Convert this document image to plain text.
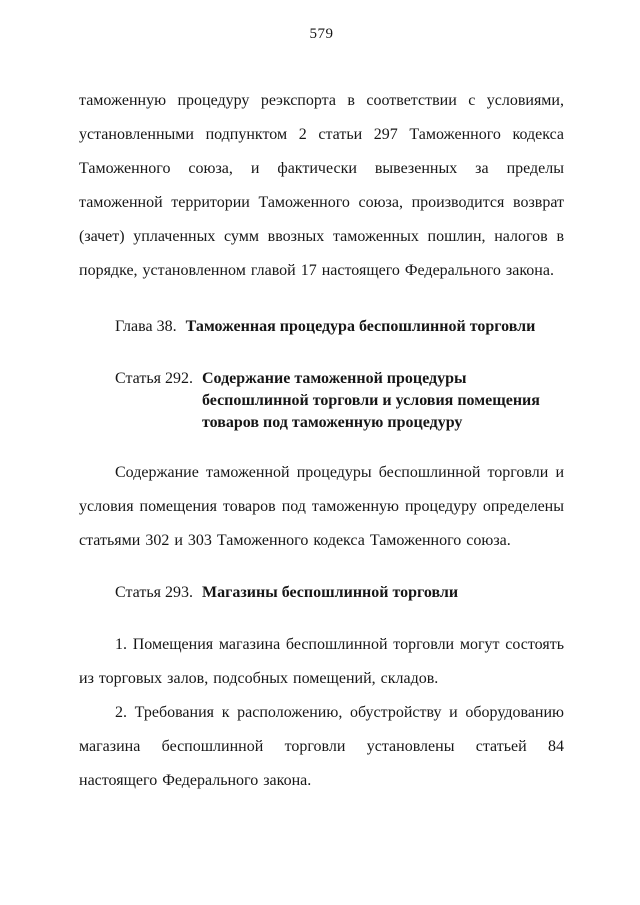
579

таможенную процедуру реэкспорта в соответствии с условиями, установленными подпунктом 2 статьи 297 Таможенного кодекса Таможенного союза, и фактически вывезенных за пределы таможенной территории Таможенного союза, производится возврат (зачет) уплаченных сумм ввозных таможенных пошлин, налогов в порядке, установленном главой 17 настоящего Федерального закона.

Глава 38. Таможенная процедура беспошлинной торговли
Статья 292. Содержание таможенной процедуры беспошлинной торговли и условия помещения товаров под таможенную процедуру

Содержание таможенной процедуры беспошлинной торговли и условия помещения товаров под таможенную процедуру определены статьями 302 и 303 Таможенного кодекса Таможенного союза.

Статья 293. Магазины беспошлинной торговли

1. Помещения магазина беспошлинной торговли могут состоять из торговых залов, подсобных помещений, складов.

2. Требования к расположению, обустройству и оборудованию магазина беспошлинной торговли установлены статьей 84 настоящего Федерального закона.
